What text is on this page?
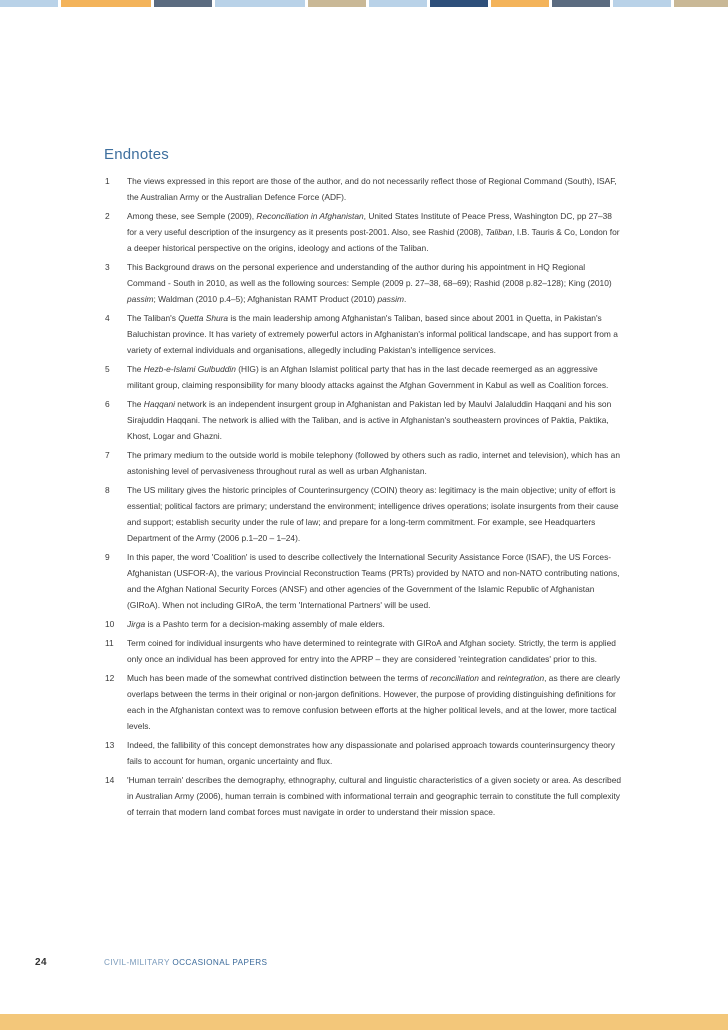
Endnotes
1	The views expressed in this report are those of the author, and do not necessarily reflect those of Regional Command (South), ISAF, the Australian Army or the Australian Defence Force (ADF).
2	Among these, see Semple (2009), Reconciliation in Afghanistan, United States Institute of Peace Press, Washington DC, pp 27–38 for a very useful description of the insurgency as it presents post-2001. Also, see Rashid (2008), Taliban, I.B. Tauris & Co, London for a deeper historical perspective on the origins, ideology and actions of the Taliban.
3	This Background draws on the personal experience and understanding of the author during his appointment in HQ Regional Command - South in 2010, as well as the following sources: Semple (2009 p. 27–38, 68–69); Rashid (2008 p.82–128); King (2010) passim; Waldman (2010 p.4–5); Afghanistan RAMT Product (2010) passim.
4	The Taliban's Quetta Shura is the main leadership among Afghanistan's Taliban, based since about 2001 in Quetta, in Pakistan's Baluchistan province. It has variety of extremely powerful actors in Afghanistan's informal political landscape, and has support from a variety of external individuals and organisations, allegedly including Pakistan's intelligence services.
5	The Hezb-e-Islami Gulbuddin (HIG) is an Afghan Islamist political party that has in the last decade reemerged as an aggressive militant group, claiming responsibility for many bloody attacks against the Afghan Government in Kabul as well as Coalition forces.
6	The Haqqani network is an independent insurgent group in Afghanistan and Pakistan led by Maulvi Jalaluddin Haqqani and his son Sirajuddin Haqqani. The network is allied with the Taliban, and is active in Afghanistan's southeastern provinces of Paktia, Paktika, Khost, Logar and Ghazni.
7	The primary medium to the outside world is mobile telephony (followed by others such as radio, internet and television), which has an astonishing level of pervasiveness throughout rural as well as urban Afghanistan.
8	The US military gives the historic principles of Counterinsurgency (COIN) theory as: legitimacy is the main objective; unity of effort is essential; political factors are primary; understand the environment; intelligence drives operations; isolate insurgents from their cause and support; establish security under the rule of law; and prepare for a long-term commitment. For example, see Headquarters Department of the Army (2006 p.1–20 – 1–24).
9	In this paper, the word 'Coalition' is used to describe collectively the International Security Assistance Force (ISAF), the US Forces-Afghanistan (USFOR-A), the various Provincial Reconstruction Teams (PRTs) provided by NATO and non-NATO contributing nations, and the Afghan National Security Forces (ANSF) and other agencies of the Government of the Islamic Republic of Afghanistan (GIRoA). When not including GIRoA, the term 'International Partners' will be used.
10	Jirga is a Pashto term for a decision-making assembly of male elders.
11	Term coined for individual insurgents who have determined to reintegrate with GIRoA and Afghan society. Strictly, the term is applied only once an individual has been approved for entry into the APRP – they are considered 'reintegration candidates' prior to this.
12	Much has been made of the somewhat contrived distinction between the terms of reconciliation and reintegration, as there are clearly overlaps between the terms in their original or non-jargon definitions. However, the purpose of providing distinguishing definitions for each in the Afghanistan context was to remove confusion between efforts at the higher political levels, and at the lower, more tactical levels.
13	Indeed, the fallibility of this concept demonstrates how any dispassionate and polarised approach towards counterinsurgency theory fails to account for human, organic uncertainty and flux.
14	'Human terrain' describes the demography, ethnography, cultural and linguistic characteristics of a given society or area. As described in Australian Army (2006), human terrain is combined with informational terrain and geographic terrain to constitute the full complexity of terrain that modern land combat forces must navigate in order to understand their mission space.
24	CIVIL-MILITARY OCCASIONAL PAPERS
